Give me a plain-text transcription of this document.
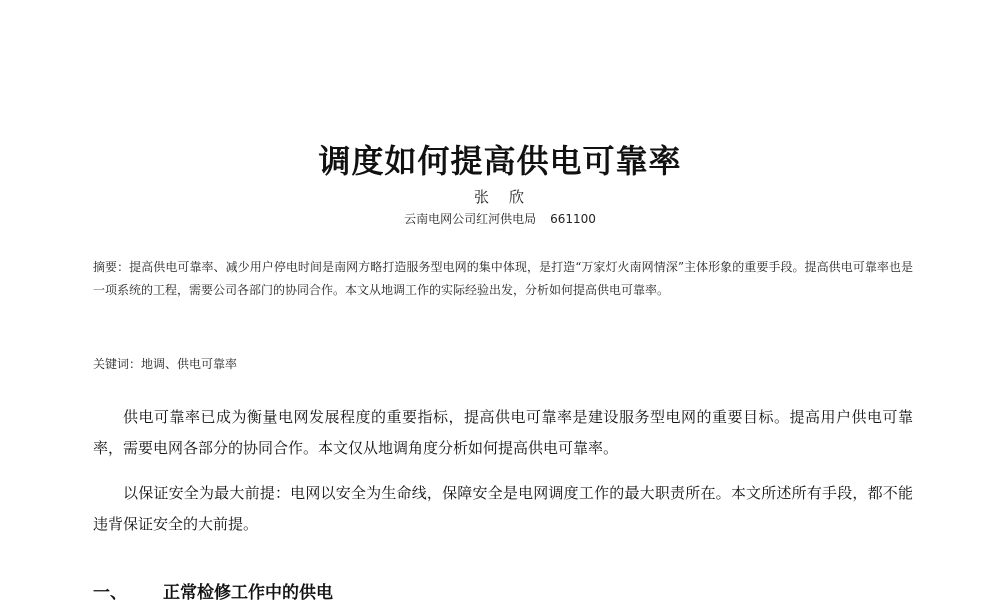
调度如何提高供电可靠率
张 欣
云南电网公司红河供电局 661100
摘要：提高供电可靠率、减少用户停电时间是南网方略打造服务型电网的集中体现，是打造“万家灯火南网情深”主体形象的重要手段。提高供电可靠率也是一项系统的工程，需要公司各部门的协同合作。本文从地调工作的实际经验出发，分析如何提高供电可靠率。
关键词：地调、供电可靠率
供电可靠率已成为衡量电网发展程度的重要指标，提高供电可靠率是建设服务型电网的重要目标。提高用户供电可靠率，需要电网各部分的协同合作。本文仅从地调角度分析如何提高供电可靠率。
以保证安全为最大前提：电网以安全为生命线，保障安全是电网调度工作的最大职责所在。本文所述所有手段，都不能违背保证安全的大前提。
一、 正常检修工作中的供电
